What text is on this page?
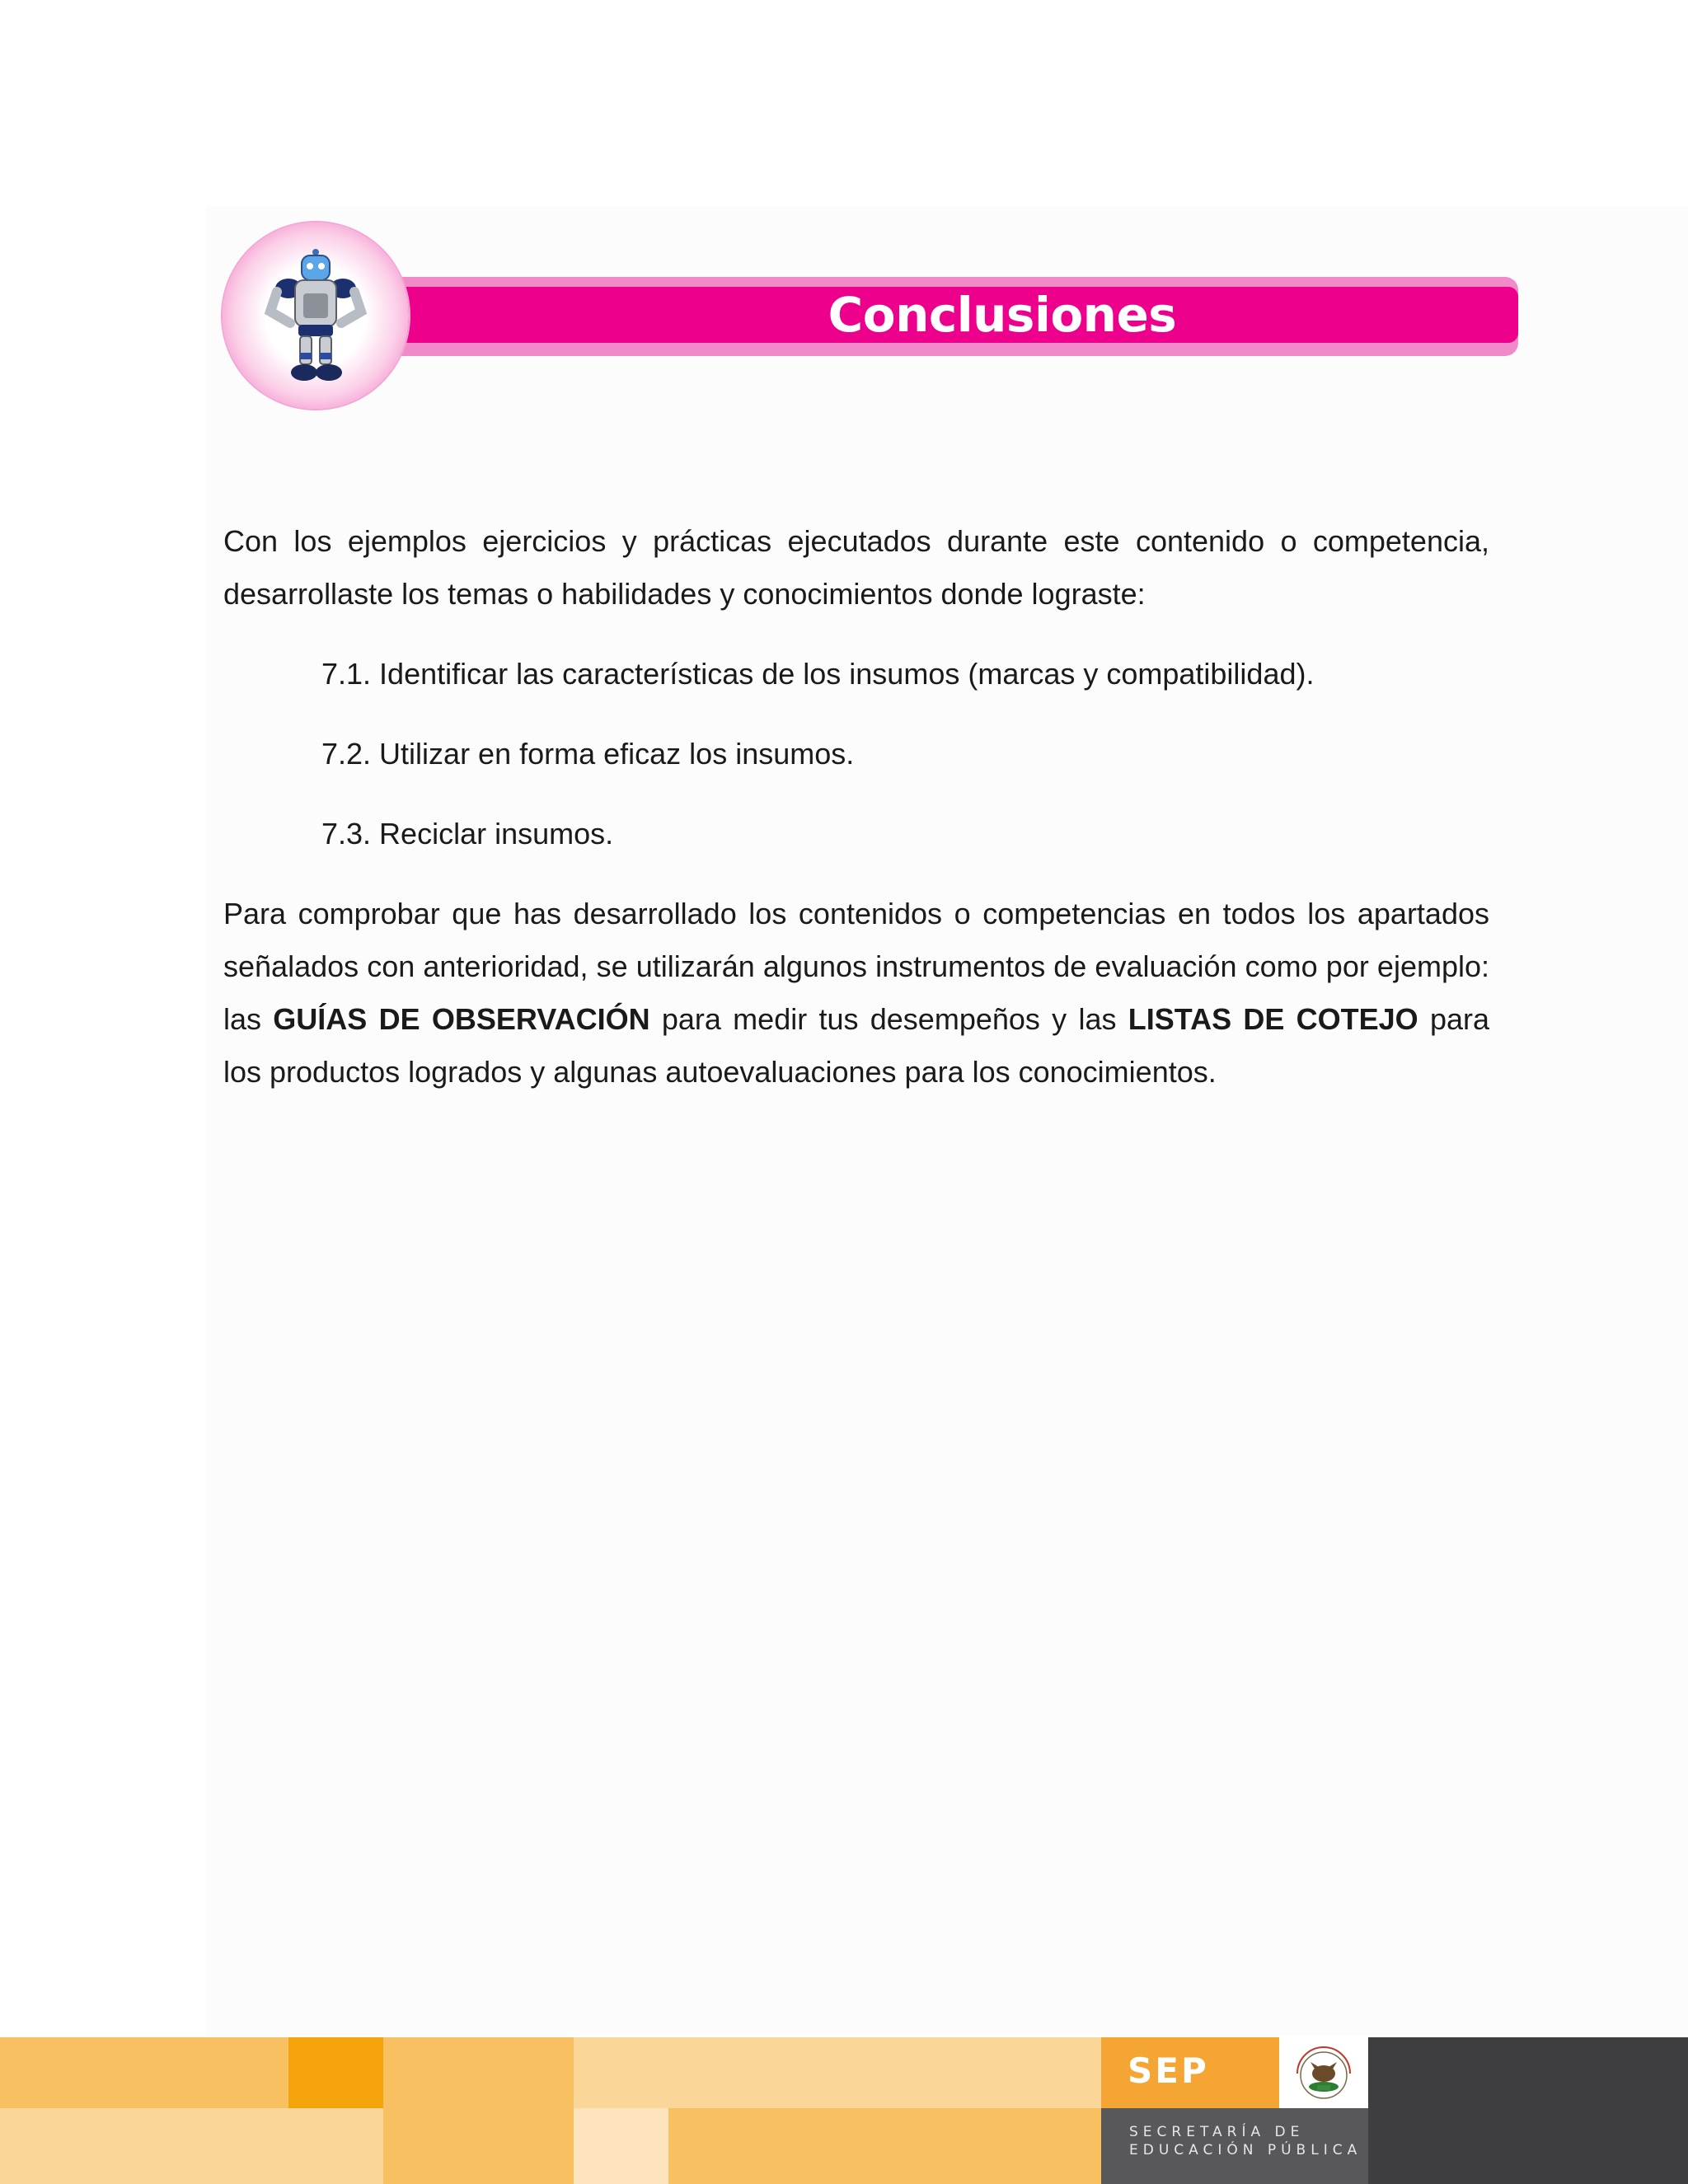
Conclusiones

Con los ejemplos ejercicios y prácticas ejecutados durante este contenido o competencia, desarrollaste los temas o habilidades y conocimientos donde lograste:

7.1. Identificar las características de los insumos (marcas y compatibilidad).
7.2. Utilizar en forma eficaz los insumos.
7.3. Reciclar insumos.

Para comprobar que has desarrollado los contenidos o competencias en todos los apartados señalados con anterioridad, se utilizarán algunos instrumentos de evaluación como por ejemplo: las GUÍAS DE OBSERVACIÓN para medir tus desempeños y las LISTAS DE COTEJO para los productos logrados y algunas autoevaluaciones para los conocimientos.

SEP
SECRETARÍA DE
EDUCACIÓN PÚBLICA
